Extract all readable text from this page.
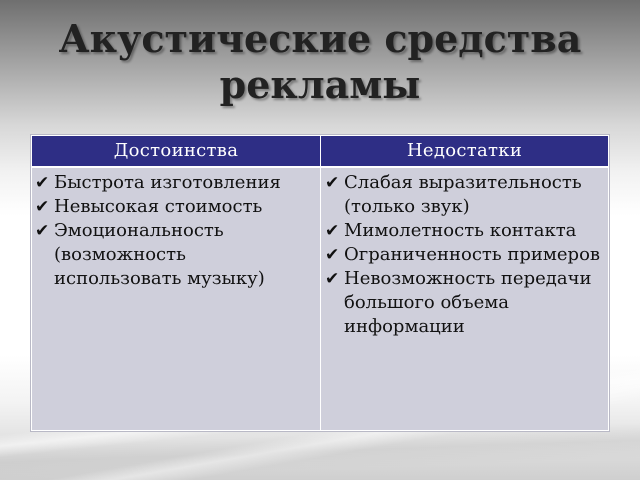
Акустические средства рекламы
Достоинства	Недостатки
✔ Быстрота изготовления
✔ Невысокая стоимость
✔ Эмоциональность (возможность использовать музыку)
✔ Слабая выразительность (только звук)
✔ Мимолетность контакта
✔ Ограниченность примеров
✔ Невозможность передачи большого объема информации
